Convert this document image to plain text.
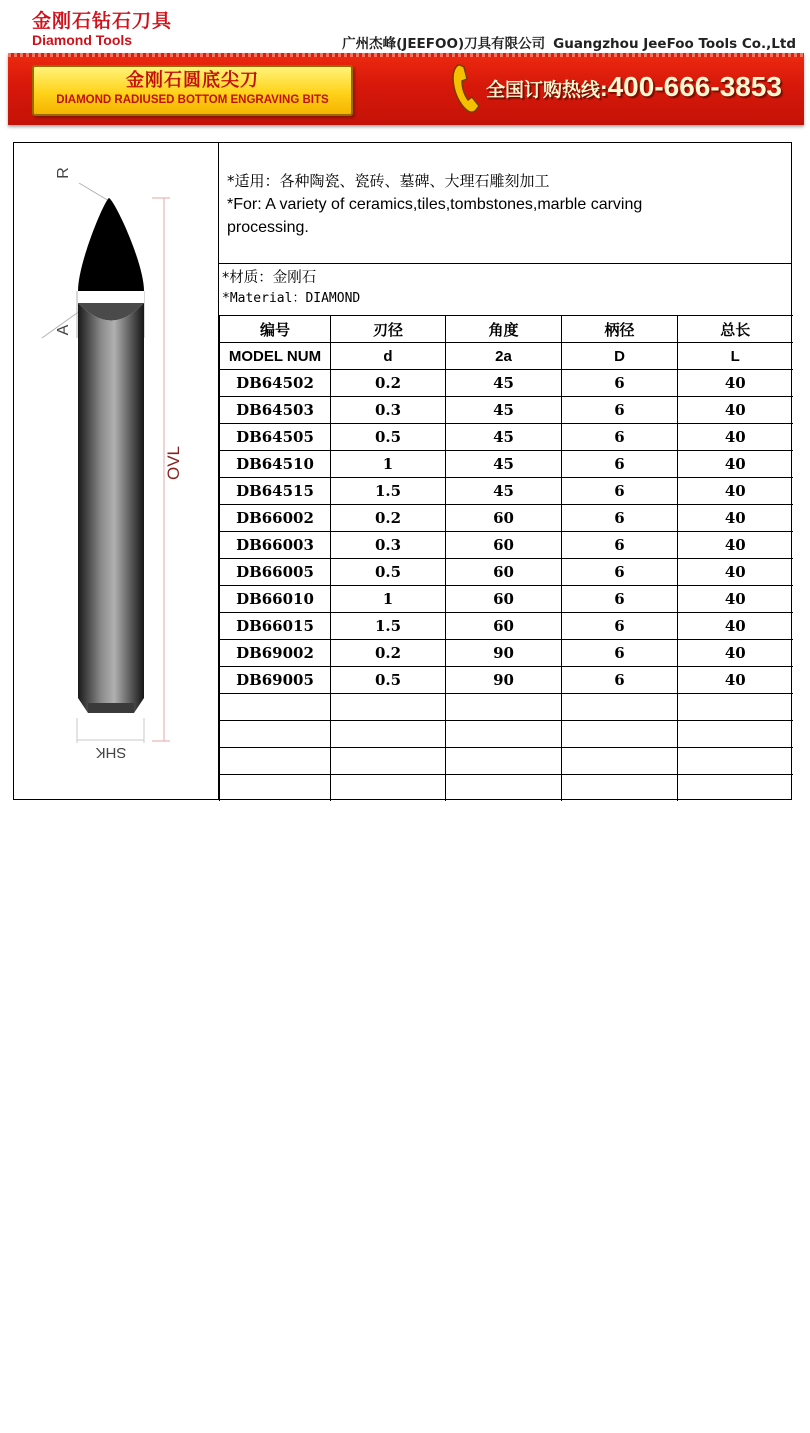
金刚石钻石刀具
Diamond Tools	广州杰峰(JEEFOO)刀具有限公司 Guangzhou JeeFoo Tools Co.,Ltd
金刚石圆底尖刀
DIAMOND RADIUSED BOTTOM ENGRAVING BITS	全国订购热线:400-666-3853
R
A
OVL
SHK
*适用：各种陶瓷、瓷砖、墓碑、大理石雕刻加工
*For: A variety of ceramics,tiles,tombstones,marble carving processing.
*材质：金刚石
*Material：DIAMOND
编号	刃径	角度	柄径	总长
MODEL NUM	d	2a	D	L
DB64502	0.2	45	6	40
DB64503	0.3	45	6	40
DB64505	0.5	45	6	40
DB64510	1	45	6	40
DB64515	1.5	45	6	40
DB66002	0.2	60	6	40
DB66003	0.3	60	6	40
DB66005	0.5	60	6	40
DB66010	1	60	6	40
DB66015	1.5	60	6	40
DB69002	0.2	90	6	40
DB69005	0.5	90	6	40
